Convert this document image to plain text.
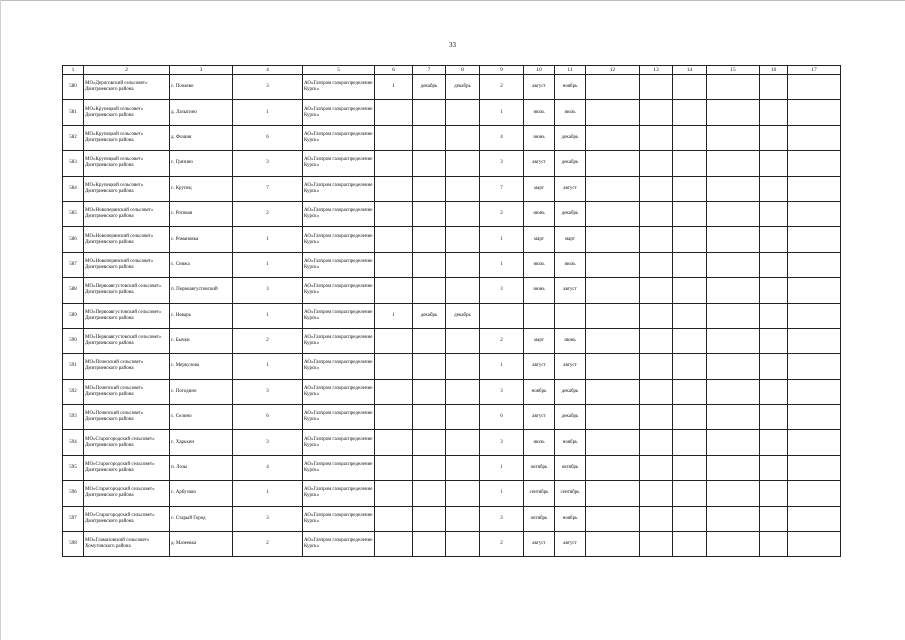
33
1	2	3	4	5	6	7	8	9	10	11	12	13	14	15	16	17
580	МО«Дероговский сельсовет» Дмитриевского района	с. Почаево	3	АО«Газпром газораспределение Курск»	1	декабрь	декабрь	2	август	ноябрь						
581	МО«Крупецкой сельсовет» Дмитриевского района	д. Лазыгино	1	АО«Газпром газораспределение Курск»				1	июль	июль						
582	МО«Крупецкой сельсовет» Дмитриевского района	д. Фошня	6	АО«Газпром газораспределение Курск»				4	июнь	декабрь						
583	МО«Крупецкой сельсовет» Дмитриевского района	с. Грязино	3	АО«Газпром газораспределение Курск»				3	август	декабрь						
584	МО«Крупецкой сельсовет» Дмитриевского района	с. Крупец	7	АО«Газпром газораспределение Курск»				7	март	август						
585	МО«Новоперянский сельсовет» Дмитриевского района	с. Роговая	2	АО«Газпром газораспределение Курск»				2	июнь	декабрь						
586	МО«Новоперянский сельсовет» Дмитриевского района	с. Романовка	1	АО«Газпром газораспределение Курск»				1	март	март						
587	МО«Новоперянский сельсовет» Дмитриевского района	с. Сняжа	1	АО«Газпром газораспределение Курск»				1	июль	июль						
588	МО«Первоавгустовский сельсовет» Дмитриевского района	п. Первоавгустовский	3	АО«Газпром газораспределение Курск»				3	июнь	август						
589	МО«Первоавгустовский сельсовет» Дмитриевского района	с. Неварь	1	АО«Газпром газораспределение Курск»	1	декабрь	декабрь									
590	МО«Первоавгустовский сельсовет» Дмитриевского района	с. Бычки	2	АО«Газпром газораспределение Курск»				2	март	июнь						
591	МО«Почепский сельсовет» Дмитриевского района	с. Меркулова	1	АО«Газпром газораспределение Курск»				1	август	август						
592	МО«Почепский сельсовет» Дмитриевского района	с. Погодино	3	АО«Газпром газораспределение Курск»				3	ноябрь	декабрь						
593	МО«Почепский сельсовет» Дмитриевского района	с. Селино	6	АО«Газпром газораспределение Курск»				6	август	декабрь						
594	МО«Старогородский сельсовет» Дмитриевского района	с. Харькин	3	АО«Газпром газораспределение Курск»				3	июль	ноябрь						
595	МО«Старогородский сельсовет» Дмитриевского района	п. Лозы	4	АО«Газпром газораспределение Курск»				1	октябрь	октябрь						
596	МО«Старогородский сельсовет» Дмитриевского района	с. Арбузово	1	АО«Газпром газораспределение Курск»				1	сентябрь	сентябрь						
597	МО«Старогородский сельсовет» Дмитриевского района	с. Старый Город	3	АО«Газпром газораспределение Курск»				3	октябрь	ноябрь						
598	МО«Гламазовский сельсовет» Хомутовского района	д. Мазеевка	2	АО«Газпром газораспределение Курск»				2	август	август						
